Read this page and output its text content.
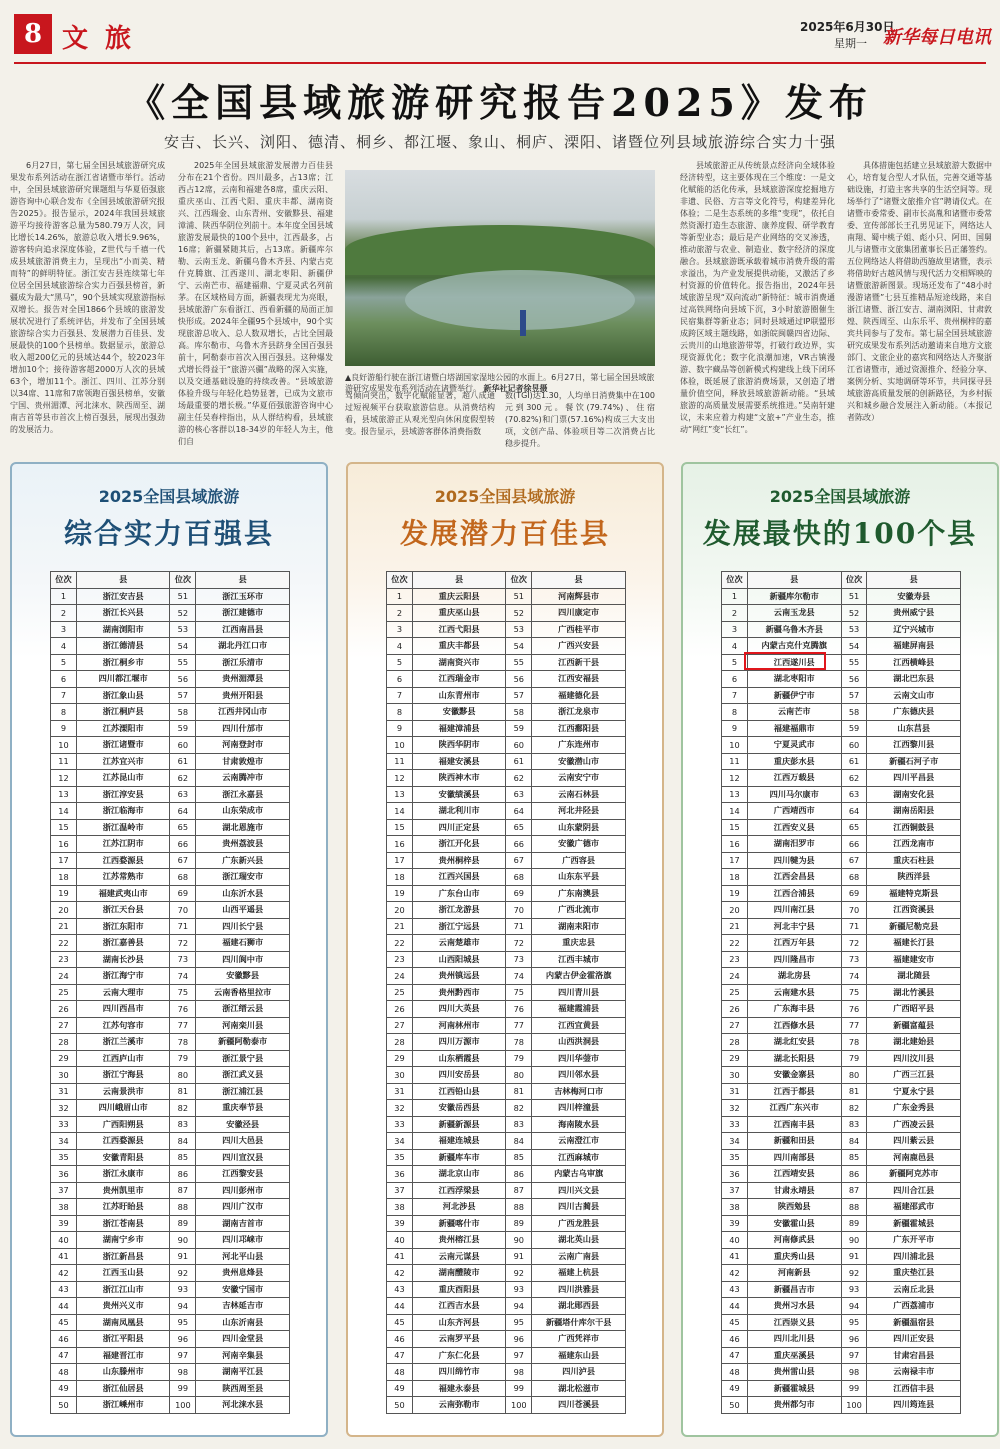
8 文 旅	2025年6月30日
星期一 新华每日电讯
《全国县域旅游研究报告2025》发布
安吉、长兴、浏阳、德清、桐乡、都江堰、象山、桐庐、溧阳、诸暨位列县域旅游综合实力十强

6月27日，第七届全国县域旅游研究成果发布系列活动在浙江省诸暨市举行。活动中，全国县域旅游研究课题组与华夏佰强旅游咨询中心联合发布《全国县域旅游研究报告2025》。报告显示，2024年我国县域旅游平均接待游客总量为580.79万人次，同比增长14.26%，旅游总收入增长9.96%，游客转向追求深度体验，Z世代与千禧一代成县域旅游消费主力，呈现出“小而美、精而特”的鲜明特征。浙江安吉县连续第七年位居全国县域旅游综合实力百强县榜首，新疆成为最大“黑马”，90个县域实现旅游指标双增长。报告对全国1866个县域的旅游发展状况进行了系统评估，并发布了全国县域旅游综合实力百强县、发展潜力百佳县、发展最快的100个县榜单。数据显示，旅游总收入超200亿元的县域达44个，较2023年增加10个；接待游客超2000万人次的县域63个，增加11个。浙江、四川、江苏分别以34席、11席和7席领跑百强县榜单，安徽宁国、贵州湄潭、河北涞水、陕西周至、湖南吉首等县市首次上榜百强县，展现出强劲的发展活力。

2025年全国县域旅游发展潜力百佳县分布在21个省份。四川最多，占13席；江西占12席，云南和福建各8席，重庆云阳、重庆巫山、江西弋阳、重庆丰都、湖南资兴、江西瑞金、山东青州、安徽黟县、福建漳浦、陕西华阴位列前十。本年度全国县域旅游发展最快的100个县中，江西最多，占16席；新疆紧随其后，占13席。新疆库尔勒、云南玉龙、新疆乌鲁木齐县、内蒙古克什克腾旗、江西遂川、湖北枣阳、新疆伊宁、云南芒市、福建福鼎、宁夏灵武名列前茅。在区域格局方面，新疆表现尤为亮眼，县域旅游广东看浙江、西看新疆的局面正加快形成。2024年全疆95个县域中，90个实现旅游总收入、总人数双增长，占比全国最高。库尔勒市、乌鲁木齐县跻身全国百强县前十，阿勒泰市首次入围百强县。这种爆发式增长得益于“旅游兴疆”战略的深入实施，以及交通基础设施的持续改善。“县域旅游体验升级与年轻化趋势显著，已成为文旅市场最重要的增长极。”华夏佰强旅游咨询中心副主任吴春梓指出，从人群结构看，县域旅游的核心客群以18-34岁的年轻人为主，他们自

▲良好游船行驶在浙江诸暨白塔湖国家湿地公园的水面上。6月27日，第七届全国县域旅游研究成果发布系列活动在诸暨举行。 新华社记者徐昱摄

驾倾向突出，数字化赋能显著，超八成通过短视频平台获取旅游信息。从消费结构看，县域旅游正从观光型向休闲度假型转变。报告显示，县域游客群体消费指数

数(TGI)达1.30，人均单日消费集中在100元到300元。餐饮(79.74%)、住宿(70.82%)和门票(57.16%)构成三大支出项，文创产品、体验项目等二次消费占比稳步提升。

县域旅游正从传统景点经济向全域体验经济转型，这主要体现在三个维度：一是文化赋能的活化传承，县域旅游深度挖掘地方非遗、民俗、方言等文化符号，构建差异化体验；二是生态系统的多维“变现”，依托自然资源打造生态旅游、康养度假、研学教育等新型业态；最后是产业网络的交叉渗透，推动旅游与农业、制造业、数字经济的深度融合。县域旅游既承载着城市消费升级的需求溢出，为产业发展提供动能，又激活了乡村资源的价值转化。报告指出，2024年县域旅游呈现“双向流动”新特征：城市消费通过高铁网络向县域下沉，3小时旅游圈催生民宿集群等新业态；同时县域通过IP联盟形成跨区域主题线路，如浙皖闽赣四省边际、云贵川的山地旅游带等，打破行政边界，实现资源优化；数字化浪潮加速，VR古镇漫游、数字藏品等创新模式构建线上线下闭环体验，既延展了旅游消费场景，又创造了增量价值空间，释放县域旅游新动能。“县域旅游的高质量发展需要系统推进。”吴南轩建议，未来应着力构建“文旅+”产业生态，推动“网红”变“长红”。

具体措施包括建立县域旅游大数据中心，培育复合型人才队伍，完善交通等基础设施，打造主客共享的生活空间等。现场举行了“诸暨文旅推介官”聘请仪式。在诸暨市委常委、副市长高胤和诸暨市委常委、宣传部部长王孔男见证下，网络达人南翔、蜀中桃子姐、彪小只、阿田、国舅儿与诸暨市文旅集团董事长吕正藩签约。五位网络达人将借助西施故里诸暨，表示将借助好古越风情与现代活力交相辉映的诸暨旅游新图景。现场还发布了“48小时漫游诸暨”七县互推精品短途线路，来自浙江诸暨、浙江安吉、湖南浏阳、甘肃敦煌、陕西周至、山东乐平、贵州桐梓的嘉宾共同参与了发布。第七届全国县域旅游研究成果发布系列活动邀请来自地方文旅部门、文旅企业的嘉宾和网络达人齐聚浙江省诸暨市，通过资源推介、经验分享、案例分析、实地调研等环节，共同探寻县域旅游高质量发展的创新路径，为乡村振兴和城乡融合发展注入新动能。（本报记者陈改）

2025全国县域旅游
综合实力百强县
位次	县	位次	县
1	浙江安吉县	51	浙江玉环市
2	浙江长兴县	52	浙江建德市
3	湖南浏阳市	53	江西南昌县
4	浙江德清县	54	湖北丹江口市
5	浙江桐乡市	55	浙江乐清市
6	四川都江堰市	56	贵州湄潭县
7	浙江象山县	57	贵州开阳县
8	浙江桐庐县	58	江西井冈山市
9	江苏溧阳市	59	四川什邡市
10	浙江诸暨市	60	河南登封市
11	江苏宜兴市	61	甘肃敦煌市
12	江苏昆山市	62	云南腾冲市
13	浙江淳安县	63	浙江永嘉县
14	浙江临海市	64	山东荣成市
15	浙江温岭市	65	湖北恩施市
16	江苏江阴市	66	贵州荔波县
17	江西婺源县	67	广东新兴县
18	江苏常熟市	68	浙江瑞安市
19	福建武夷山市	69	山东沂水县
20	浙江天台县	70	山西平遥县
21	浙江东阳市	71	四川长宁县
22	浙江嘉善县	72	福建石狮市
23	湖南长沙县	73	四川阆中市
24	浙江海宁市	74	安徽黟县
25	云南大理市	75	云南香格里拉市
26	四川西昌市	76	浙江缙云县
27	江苏句容市	77	河南栾川县
28	浙江兰溪市	78	新疆阿勒泰市
29	江西庐山市	79	浙江景宁县
30	浙江宁海县	80	浙江武义县
31	云南景洪市	81	浙江浦江县
32	四川峨眉山市	82	重庆奉节县
33	广西阳朔县	83	安徽泾县
34	江西婺源县	84	四川大邑县
35	安徽青阳县	85	四川宣汉县
36	浙江永康市	86	江西黎安县
37	贵州凯里市	87	四川彭州市
38	江苏盱眙县	88	四川广汉市
39	浙江苍南县	89	湖南吉首市
40	湖南宁乡市	90	四川邛崃市
41	浙江新昌县	91	河北平山县
42	江西玉山县	92	贵州息烽县
43	浙江江山市	93	安徽宁国市
44	贵州兴义市	94	吉林延吉市
45	湖南凤凰县	95	山东沂南县
46	浙江平阳县	96	四川金堂县
47	福建晋江市	97	河南辛集县
48	山东滕州市	98	湖南平江县
49	浙江仙居县	99	陕西周至县
50	浙江嵊州市	100	河北涞水县
2025全国县域旅游
发展潜力百佳县
位次	县	位次	县
1	重庆云阳县	51	河南辉县市
2	重庆巫山县	52	四川康定市
3	江西弋阳县	53	广西桂平市
4	重庆丰都县	54	广西兴安县
5	湖南资兴市	55	江西新干县
6	江西瑞金市	56	江西安福县
7	山东青州市	57	福建德化县
8	安徽黟县	58	浙江龙泉市
9	福建漳浦县	59	江西鄱阳县
10	陕西华阴市	60	广东连州市
11	福建安溪县	61	安徽潜山市
12	陕西神木市	62	云南安宁市
13	安徽绩溪县	63	云南石林县
14	湖北利川市	64	河北井陉县
15	四川正定县	65	山东蒙阴县
16	浙江开化县	66	安徽广德市
17	贵州桐梓县	67	广西容县
18	江西兴国县	68	山东东平县
19	广东台山市	69	广东南澳县
20	浙江龙游县	70	广西北流市
21	浙江宁远县	71	湖南耒阳市
22	云南楚雄市	72	重庆忠县
23	山西阳城县	73	江西丰城市
24	贵州镇远县	74	内蒙古伊金霍洛旗
25	贵州黔西市	75	四川青川县
26	四川大英县	76	福建霞浦县
27	河南林州市	77	江西宜黄县
28	四川万源市	78	山西洪洞县
29	山东栖霞县	79	四川华蓥市
30	四川安岳县	80	四川邻水县
31	江西铅山县	81	吉林梅河口市
32	安徽岳西县	82	四川梓潼县
33	新疆新源县	83	海南陵水县
34	福建连城县	84	云南澄江市
35	新疆库车市	85	江西麻城市
36	湖北京山市	86	内蒙古乌审旗
37	江西浮梁县	87	四川兴文县
38	河北涉县	88	四川古蔺县
39	新疆喀什市	89	广西龙胜县
40	贵州榕江县	90	湖北英山县
41	云南元谋县	91	云南广南县
42	湖南醴陵市	92	福建上杭县
43	重庆酉阳县	93	四川洪雅县
44	江西吉水县	94	湖北郧西县
45	山东齐河县	95	新疆塔什库尔干县
46	云南罗平县	96	广西凭祥市
47	广东仁化县	97	福建东山县
48	四川绵竹市	98	四川泸县
49	福建永泰县	99	湖北松滋市
50	云南弥勒市	100	四川苍溪县
2025全国县域旅游
发展最快的100个县
位次	县	位次	县
1	新疆库尔勒市	51	安徽寿县
2	云南玉龙县	52	贵州威宁县
3	新疆乌鲁木齐县	53	辽宁兴城市
4	内蒙古克什克腾旗	54	福建屏南县
5	江西遂川县	55	江西横峰县
6	湖北枣阳市	56	湖北巴东县
7	新疆伊宁市	57	云南文山市
8	云南芒市	58	广东德庆县
9	福建福鼎市	59	山东莒县
10	宁夏灵武市	60	江西黎川县
11	重庆彭水县	61	新疆石河子市
12	江西万载县	62	四川平昌县
13	四川马尔康市	63	湖南安化县
14	广西靖西市	64	湖南岳阳县
15	江西安义县	65	江西铜鼓县
16	湖南汨罗市	66	江西龙南市
17	四川犍为县	67	重庆石柱县
18	江西会昌县	68	陕西洋县
19	江西合浦县	69	福建特克斯县
20	四川南江县	70	江西资溪县
21	河北丰宁县	71	新疆尼勒克县
22	江西万年县	72	福建长汀县
23	四川隆昌市	73	福建建安市
24	湖北房县	74	湖北随县
25	云南建水县	75	湖北竹溪县
26	广东海丰县	76	广西昭平县
27	江西修水县	77	新疆富蕴县
28	湖北红安县	78	湖北建始县
29	湖北长阳县	79	四川汶川县
30	安徽金寨县	80	广西三江县
31	江西于都县	81	宁夏永宁县
32	江西广东兴市	82	广东金秀县
33	江西南丰县	83	广西凌云县
34	新疆和田县	84	四川紫云县
35	四川南部县	85	河南鹿邑县
36	江西靖安县	86	新疆阿克苏市
37	甘肃永靖县	87	四川合江县
38	陕西勉县	88	福建邵武市
39	安徽霍山县	89	新疆霍城县
40	河南修武县	90	广东开平市
41	重庆秀山县	91	四川浦北县
42	河南新县	92	重庆垫江县
43	新疆昌吉市	93	云南丘北县
44	贵州习水县	94	广西荔浦市
45	江西崇义县	95	新疆温宿县
46	四川北川县	96	四川正安县
47	重庆巫溪县	97	甘肃宕昌县
48	贵州雷山县	98	云南禄丰市
49	新疆霍城县	99	江西信丰县
50	贵州都匀市	100	四川筠连县
